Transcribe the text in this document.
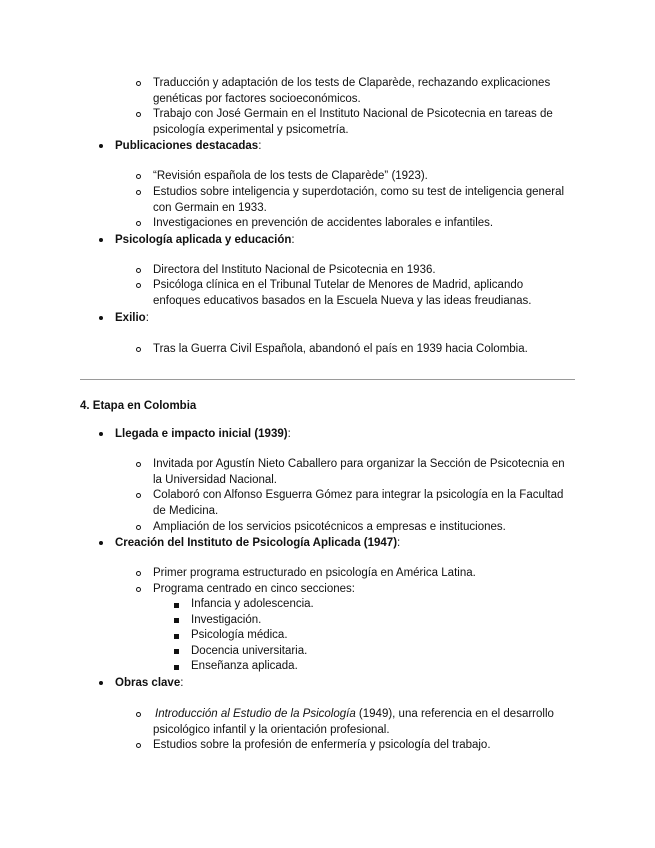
Traducción y adaptación de los tests de Claparède, rechazando explicaciones
genéticas por factores socioeconómicos.
Trabajo con José Germain en el Instituto Nacional de Psicotecnia en tareas de
psicología experimental y psicometría.
Publicaciones destacadas:
“Revisión española de los tests de Claparède” (1923).
Estudios sobre inteligencia y superdotación, como su test de inteligencia general
con Germain en 1933.
Investigaciones en prevención de accidentes laborales e infantiles.
Psicología aplicada y educación:
Directora del Instituto Nacional de Psicotecnia en 1936.
Psicóloga clínica en el Tribunal Tutelar de Menores de Madrid, aplicando
enfoques educativos basados en la Escuela Nueva y las ideas freudianas.
Exilio:
Tras la Guerra Civil Española, abandonó el país en 1939 hacia Colombia.
4. Etapa en Colombia
Llegada e impacto inicial (1939):
Invitada por Agustín Nieto Caballero para organizar la Sección de Psicotecnia en
la Universidad Nacional.
Colaboró con Alfonso Esguerra Gómez para integrar la psicología en la Facultad
de Medicina.
Ampliación de los servicios psicotécnicos a empresas e instituciones.
Creación del Instituto de Psicología Aplicada (1947):
Primer programa estructurado en psicología en América Latina.
Programa centrado en cinco secciones:
Infancia y adolescencia.
Investigación.
Psicología médica.
Docencia universitaria.
Enseñanza aplicada.
Obras clave:
Introducción al Estudio de la Psicología (1949), una referencia en el desarrollo
psicológico infantil y la orientación profesional.
Estudios sobre la profesión de enfermería y psicología del trabajo.
